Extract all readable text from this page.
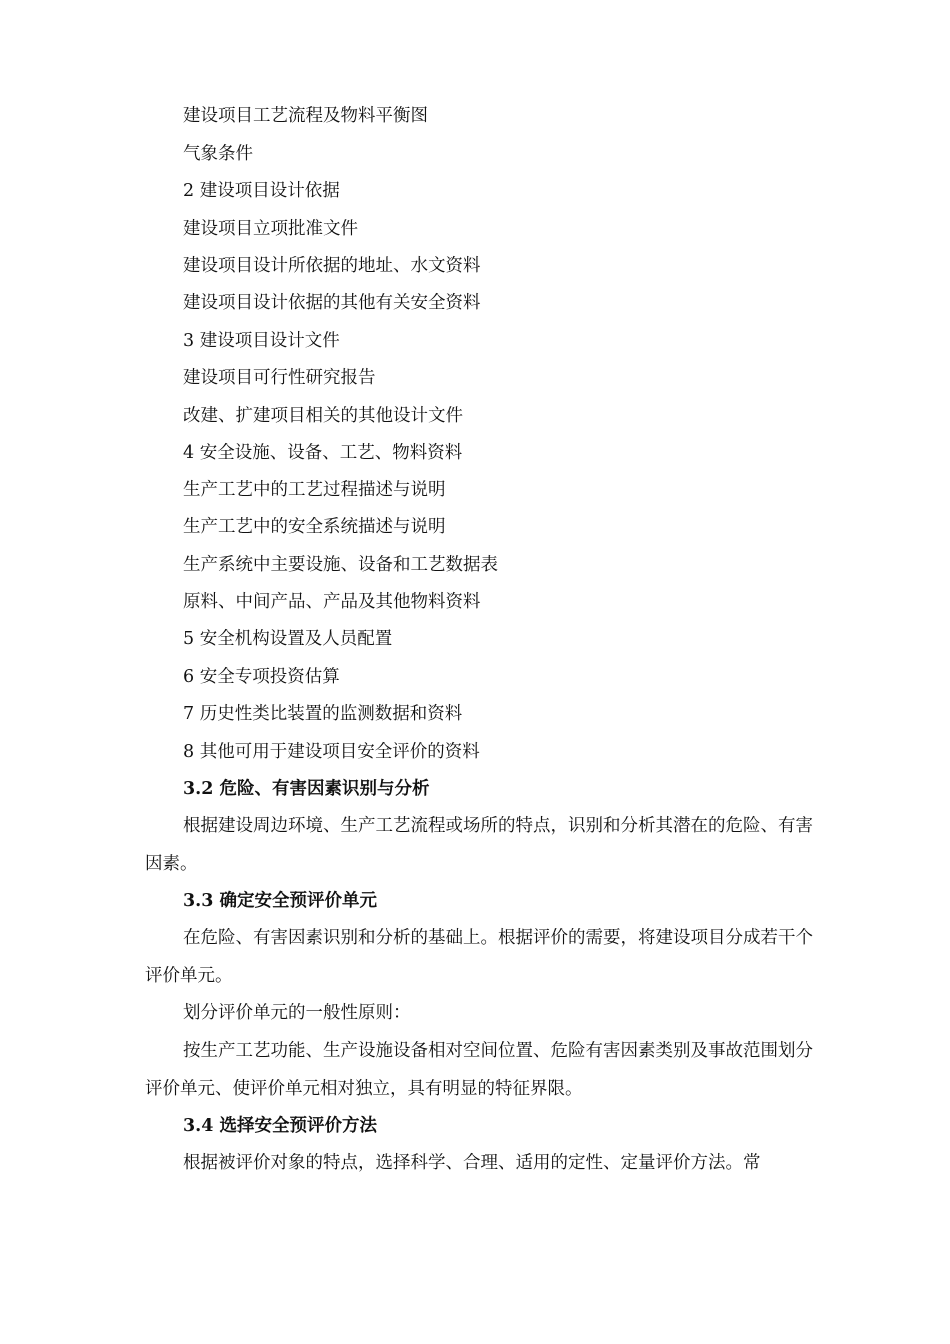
建设项目工艺流程及物料平衡图
气象条件
2 建设项目设计依据
建设项目立项批准文件
建设项目设计所依据的地址、水文资料
建设项目设计依据的其他有关安全资料
3 建设项目设计文件
建设项目可行性研究报告
改建、扩建项目相关的其他设计文件
4 安全设施、设备、工艺、物料资料
生产工艺中的工艺过程描述与说明
生产工艺中的安全系统描述与说明
生产系统中主要设施、设备和工艺数据表
原料、中间产品、产品及其他物料资料
5 安全机构设置及人员配置
6 安全专项投资估算
7 历史性类比装置的监测数据和资料
8 其他可用于建设项目安全评价的资料
3.2 危险、有害因素识别与分析
根据建设周边环境、生产工艺流程或场所的特点，识别和分析其潜在的危险、有害因素。
3.3 确定安全预评价单元
在危险、有害因素识别和分析的基础上。根据评价的需要，将建设项目分成若干个评价单元。
划分评价单元的一般性原则：
按生产工艺功能、生产设施设备相对空间位置、危险有害因素类别及事故范围划分评价单元、使评价单元相对独立，具有明显的特征界限。
3.4 选择安全预评价方法
根据被评价对象的特点，选择科学、合理、适用的定性、定量评价方法。常
